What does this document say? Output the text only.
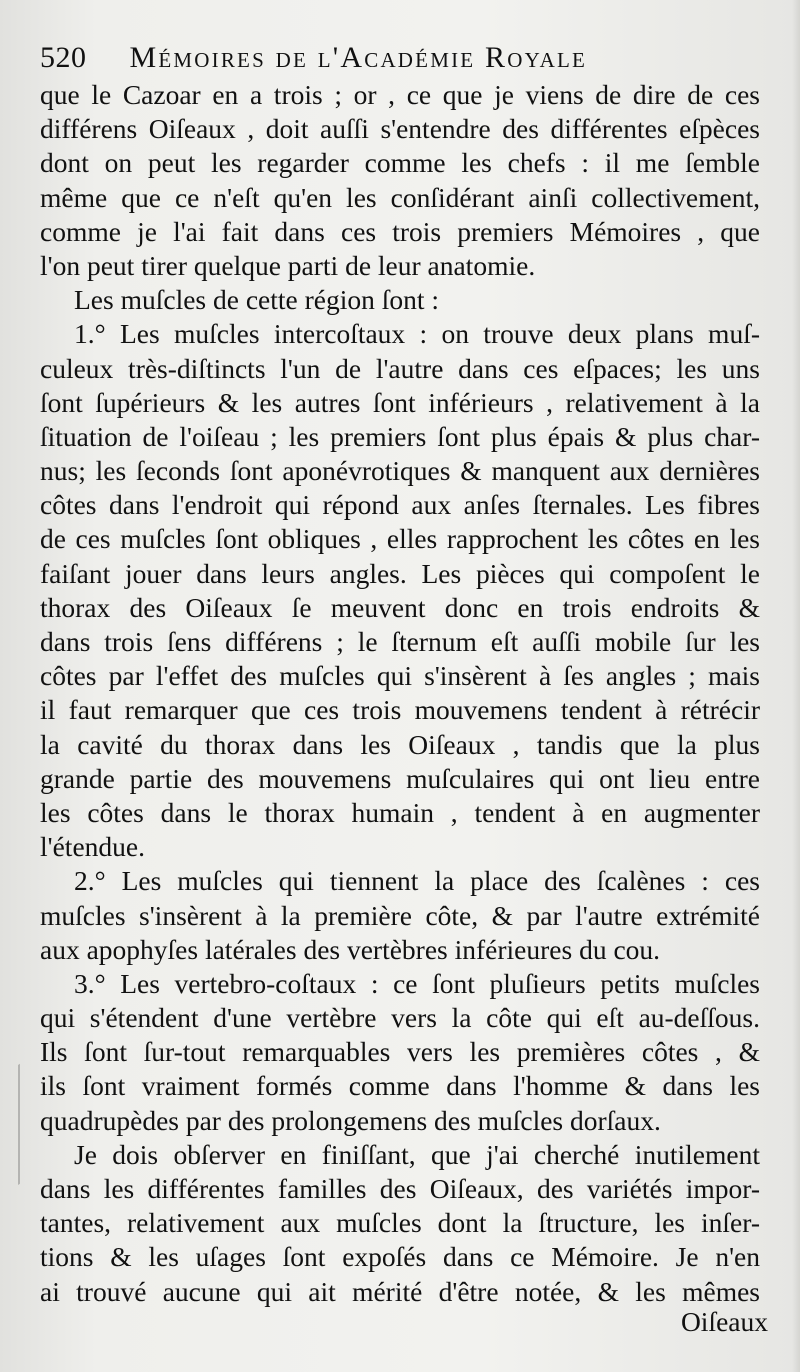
520 Mémoires de l'Académie Royale
que le Cazoar en a trois ; or , ce que je viens de dire de ces
différens Oiſeaux , doit auſſi s'entendre des différentes eſpèces
dont on peut les regarder comme les chefs : il me ſemble
même que ce n'eſt qu'en les conſidérant ainſi collectivement,
comme je l'ai fait dans ces trois premiers Mémoires , que
l'on peut tirer quelque parti de leur anatomie.
Les muſcles de cette région ſont :
1.° Les muſcles intercoſtaux : on trouve deux plans muſ-
culeux très-diſtincts l'un de l'autre dans ces eſpaces; les uns
ſont ſupérieurs & les autres ſont inférieurs , relativement à la
ſituation de l'oiſeau ; les premiers ſont plus épais & plus char-
nus; les ſeconds ſont aponévrotiques & manquent aux dernières
côtes dans l'endroit qui répond aux anſes ſternales. Les fibres
de ces muſcles ſont obliques , elles rapprochent les côtes en les
faiſant jouer dans leurs angles. Les pièces qui compoſent le
thorax des Oiſeaux ſe meuvent donc en trois endroits &
dans trois ſens différens ; le ſternum eſt auſſi mobile ſur les
côtes par l'effet des muſcles qui s'insèrent à ſes angles ; mais
il faut remarquer que ces trois mouvemens tendent à rétrécir
la cavité du thorax dans les Oiſeaux , tandis que la plus
grande partie des mouvemens muſculaires qui ont lieu entre
les côtes dans le thorax humain , tendent à en augmenter
l'étendue.
2.° Les muſcles qui tiennent la place des ſcalènes : ces
muſcles s'insèrent à la première côte, & par l'autre extrémité
aux apophyſes latérales des vertèbres inférieures du cou.
3.° Les vertebro-coſtaux : ce ſont pluſieurs petits muſcles
qui s'étendent d'une vertèbre vers la côte qui eſt au-deſſous.
Ils ſont ſur-tout remarquables vers les premières côtes , &
ils ſont vraiment formés comme dans l'homme & dans les
quadrupèdes par des prolongemens des muſcles dorſaux.
Je dois obſerver en finiſſant, que j'ai cherché inutilement
dans les différentes familles des Oiſeaux, des variétés impor-
tantes, relativement aux muſcles dont la ſtructure, les inſer-
tions & les uſages ſont expoſés dans ce Mémoire. Je n'en
ai trouvé aucune qui ait mérité d'être notée, & les mêmes
Oiſeaux
